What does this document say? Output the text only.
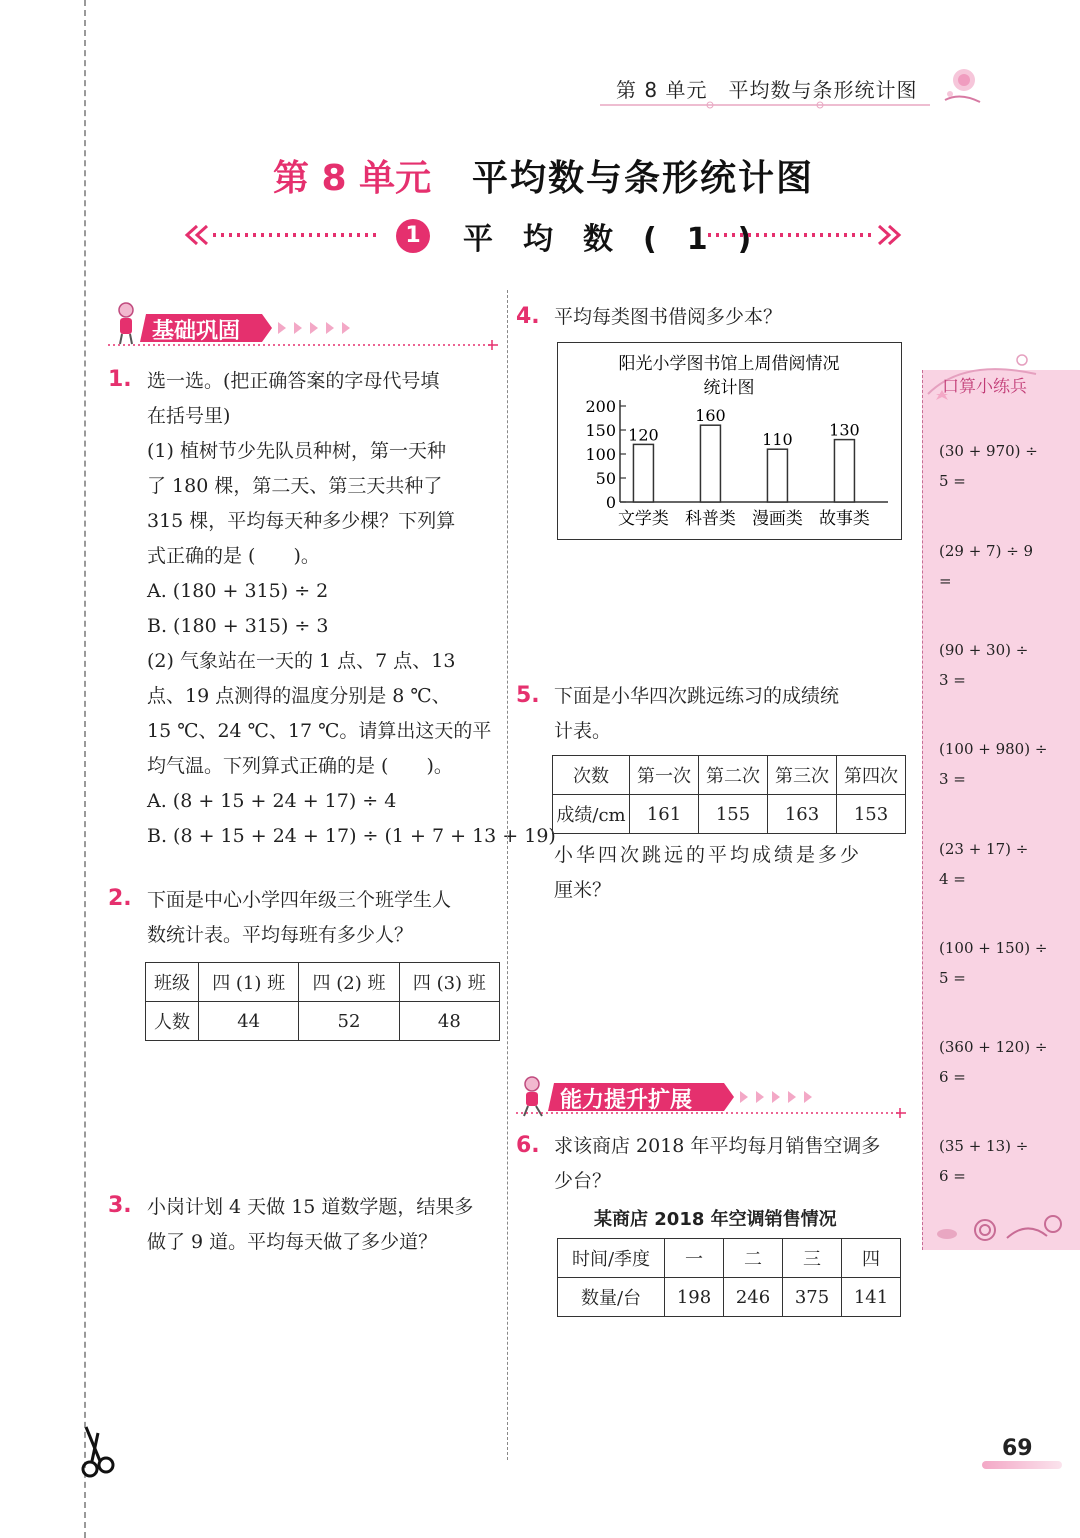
第 8 单元　平均数与条形统计图
第 8 单元 平均数与条形统计图
1	平均数(1)
基础巩固
1. 选一选。(把正确答案的字母代号填
在括号里)
(1) 植树节少先队员种树，第一天种
了 180 棵，第二天、第三天共种了
315 棵，平均每天种多少棵？下列算
式正确的是 (　　)。
A. (180 + 315) ÷ 2
B. (180 + 315) ÷ 3
(2) 气象站在一天的 1 点、7 点、13
点、19 点测得的温度分别是 8 ℃、
15 ℃、24 ℃、17 ℃。请算出这天的平
均气温。下列算式正确的是 (　　)。
A. (8 + 15 + 24 + 17) ÷ 4
B. (8 + 15 + 24 + 17) ÷ (1 + 7 + 13 + 19)
2. 下面是中心小学四年级三个班学生人
数统计表。平均每班有多少人？
班级	四 (1) 班	四 (2) 班	四 (3) 班
人数	44	52	48
3. 小岗计划 4 天做 15 道数学题，结果多
做了 9 道。平均每天做了多少道？
4. 平均每类图书借阅多少本？
阳光小学图书馆上周借阅情况
统计图
0
50
100
150
200
120
文学类
160
科普类
110
漫画类
130
故事类
5. 下面是小华四次跳远练习的成绩统
计表。
次数	第一次	第二次	第三次	第四次
成绩/cm	161	155	163	153
小华四次跳远的平均成绩是多少
厘米？
能力提升扩展
6. 求该商店 2018 年平均每月销售空调多
少台？
某商店 2018 年空调销售情况
时间/季度	一	二	三	四
数量/台	198	246	375	141
(30 + 970) ÷
5 =
(29 + 7) ÷ 9
=
(90 + 30) ÷
3 =
(100 + 980) ÷
3 =
(23 + 17) ÷
4 =
(100 + 150) ÷
5 =
(360 + 120) ÷
6 =
(35 + 13) ÷
6 =
口算小练兵
69
